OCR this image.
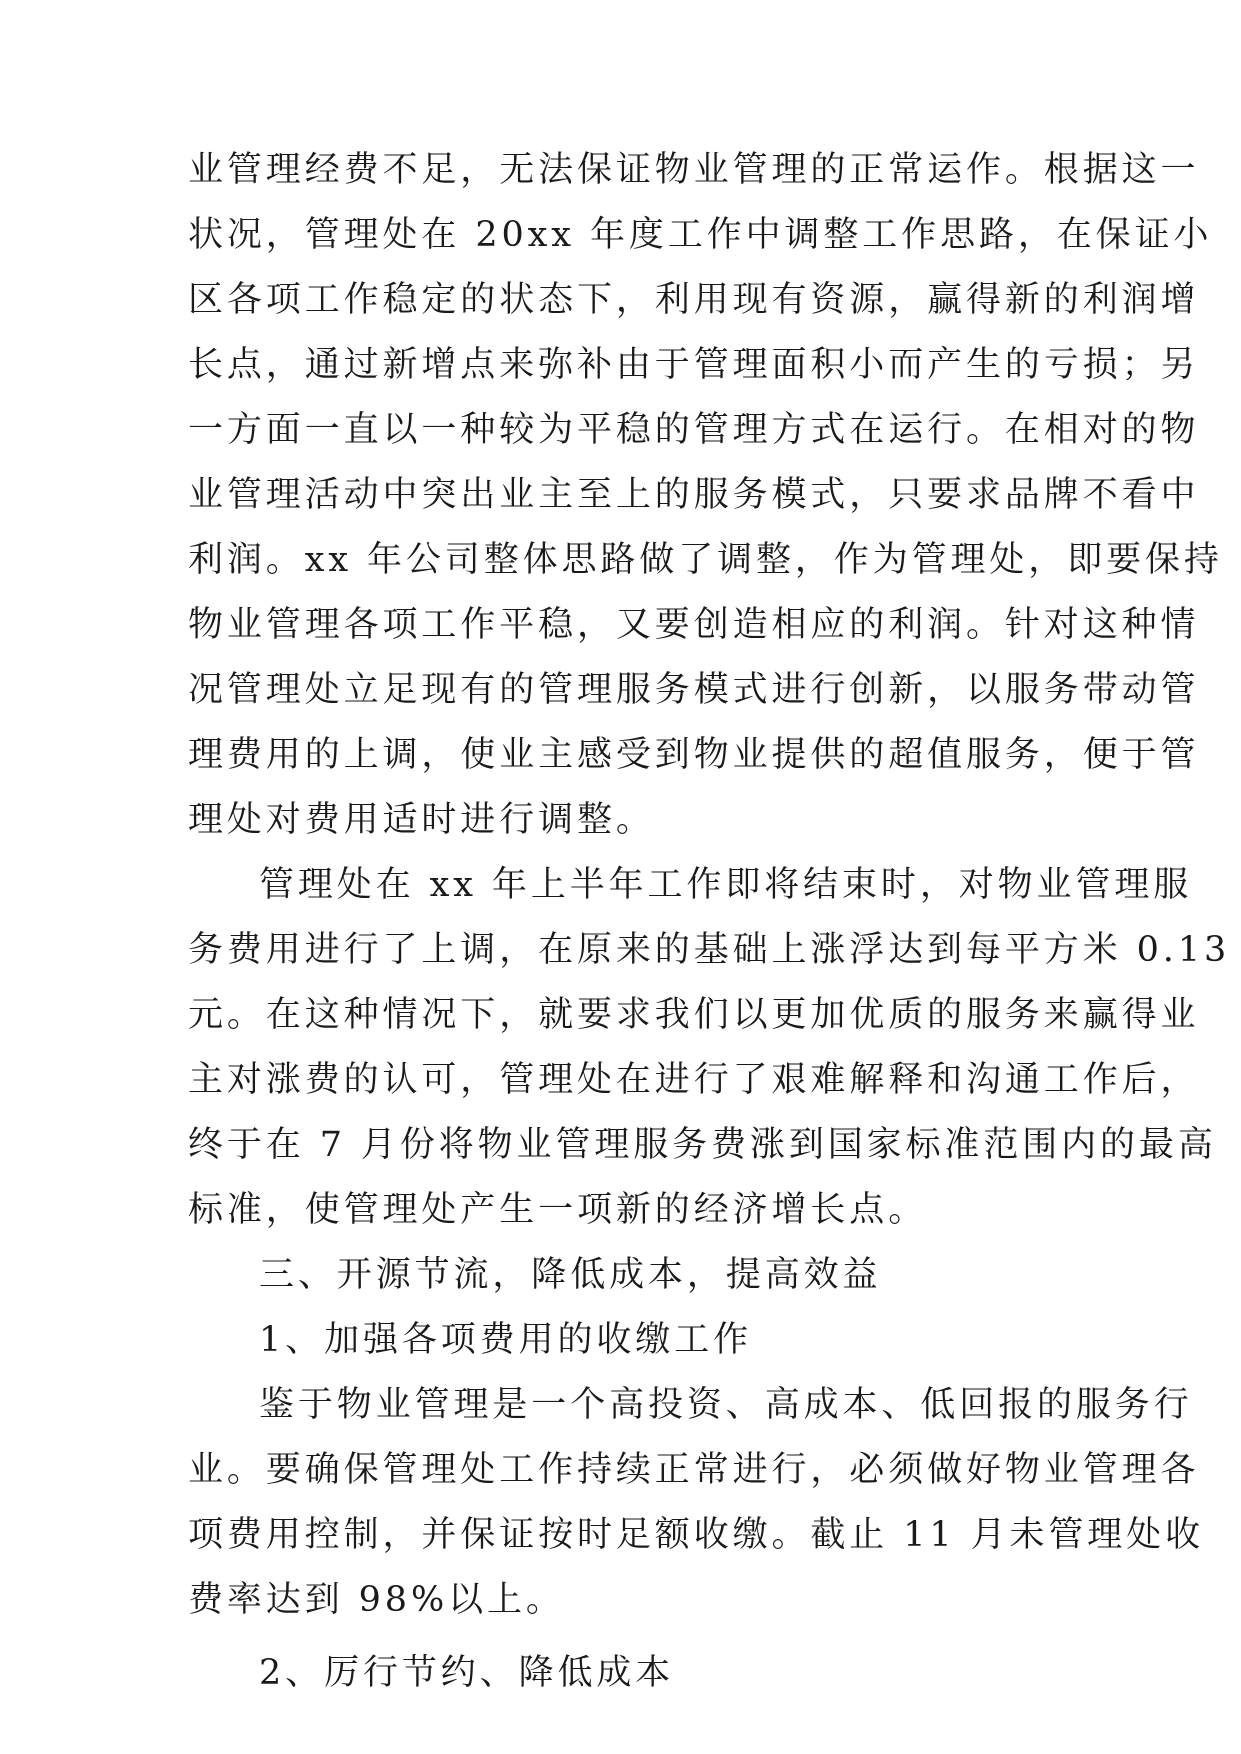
业管理经费不足，无法保证物业管理的正常运作。根据这一
状况，管理处在 20xx 年度工作中调整工作思路，在保证小
区各项工作稳定的状态下，利用现有资源，赢得新的利润增
长点，通过新增点来弥补由于管理面积小而产生的亏损；另
一方面一直以一种较为平稳的管理方式在运行。在相对的物
业管理活动中突出业主至上的服务模式，只要求品牌不看中
利润。xx 年公司整体思路做了调整，作为管理处，即要保持
物业管理各项工作平稳，又要创造相应的利润。针对这种情
况管理处立足现有的管理服务模式进行创新，以服务带动管
理费用的上调，使业主感受到物业提供的超值服务，便于管
理处对费用适时进行调整。
管理处在 xx 年上半年工作即将结束时，对物业管理服
务费用进行了上调，在原来的基础上涨浮达到每平方米 0.13
元。在这种情况下，就要求我们以更加优质的服务来赢得业
主对涨费的认可，管理处在进行了艰难解释和沟通工作后，
终于在 7 月份将物业管理服务费涨到国家标准范围内的最高
标准，使管理处产生一项新的经济增长点。
三、开源节流，降低成本，提高效益
1、加强各项费用的收缴工作
鉴于物业管理是一个高投资、高成本、低回报的服务行
业。要确保管理处工作持续正常进行，必须做好物业管理各
项费用控制，并保证按时足额收缴。截止 11 月未管理处收
费率达到 98%以上。
2、厉行节约、降低成本
